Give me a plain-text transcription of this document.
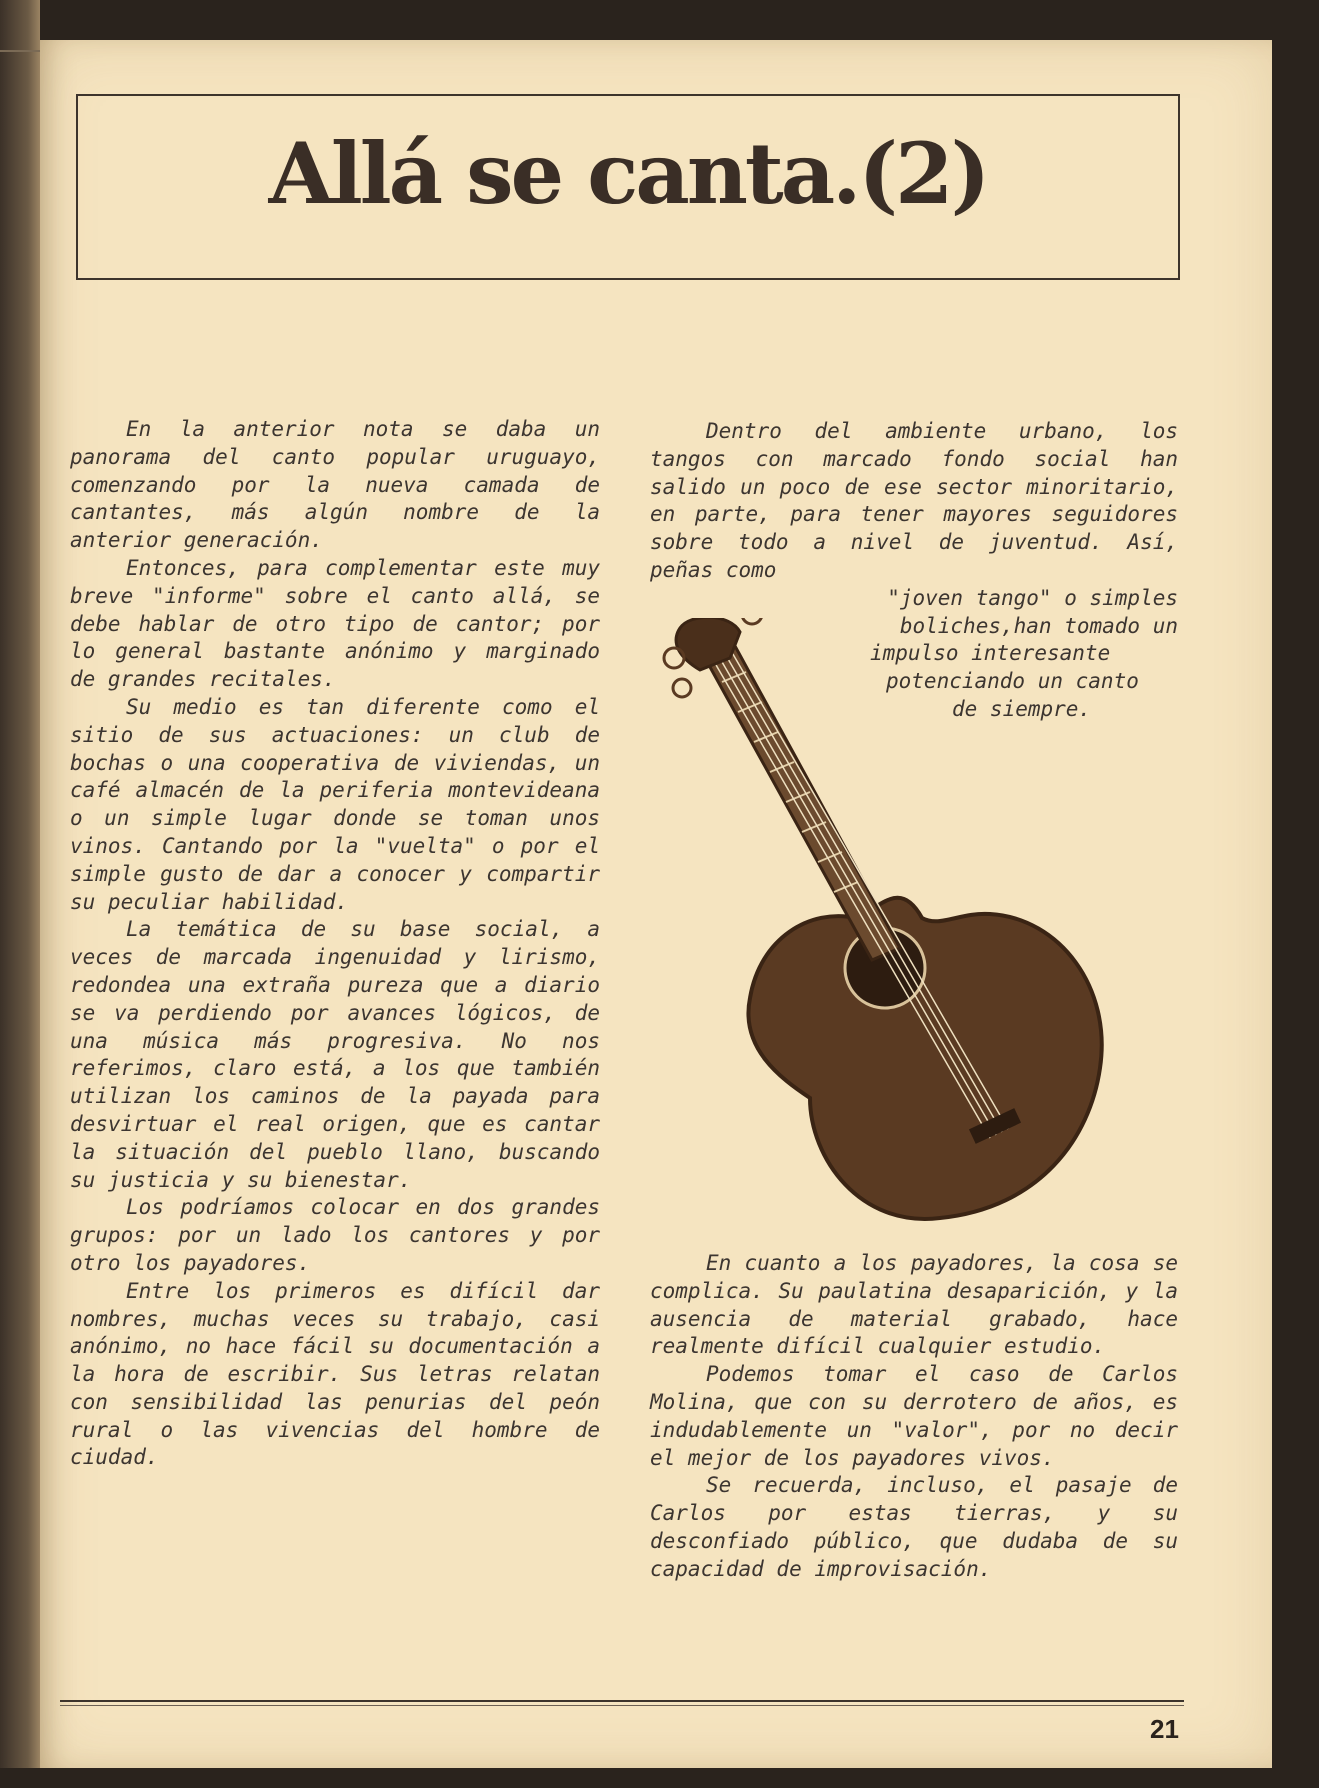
Allá se canta.(2)

En la anterior nota se daba un panorama del canto popular uruguayo, comenzando por la nueva camada de cantantes, más algún nombre de la anterior generación.

Entonces, para complementar este muy breve "informe" sobre el canto allá, se debe hablar de otro tipo de cantor; por lo general bastante anónimo y marginado de grandes recitales.

Su medio es tan diferente como el sitio de sus actuaciones: un club de bochas o una cooperativa de viviendas, un café almacén de la periferia montevideana o un simple lugar donde se toman unos vinos. Cantando por la "vuelta" o por el simple gusto de dar a conocer y compartir su peculiar habilidad.

La temática de su base social, a veces de marcada ingenuidad y lirismo, redondea una extraña pureza que a diario se va perdiendo por avances lógicos, de una música más progresiva. No nos referimos, claro está, a los que también utilizan los caminos de la payada para desvirtuar el real origen, que es cantar la situación del pueblo llano, buscando su justicia y su bienestar.

Los podríamos colocar en dos grandes grupos: por un lado los cantores y por otro los payadores.

Entre los primeros es difícil dar nombres, muchas veces su trabajo, casi anónimo, no hace fácil su documentación a la hora de escribir. Sus letras relatan con sensibilidad las penurias del peón rural o las vivencias del hombre de ciudad.

Dentro del ambiente urbano, los tangos con marcado fondo social han salido un poco de ese sector minoritario, en parte, para tener mayores seguidores sobre todo a nivel de juventud. Así, peñas como

"joven tango" o simples

boliches,han tomado un

impulso interesante

potenciando un canto

de siempre.

En cuanto a los payadores, la cosa se complica. Su paulatina desaparición, y la ausencia de material grabado, hace realmente difícil cualquier estudio.

Podemos tomar el caso de Carlos Molina, que con su derrotero de años, es indudablemente un "valor", por no decir el mejor de los payadores vivos.

Se recuerda, incluso, el pasaje de Carlos por estas tierras, y su desconfiado público, que dudaba de su capacidad de improvisación.

21
